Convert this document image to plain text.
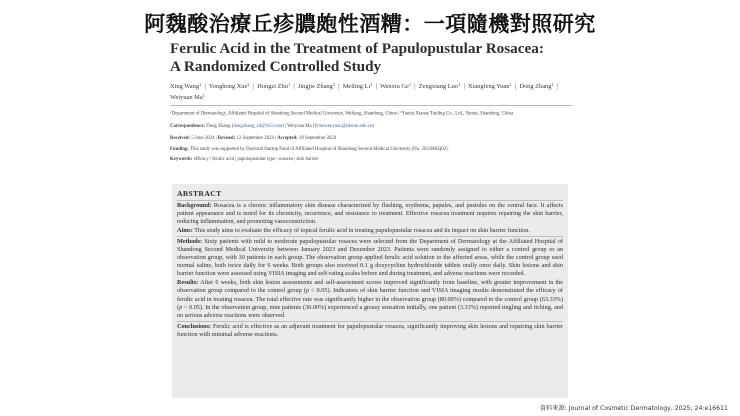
阿魏酸治療丘疹膿皰性酒糟：一項隨機對照研究
Ferulic Acid in the Treatment of Papulopustular Rosacea:
A Randomized Controlled Study
Xing Wang$^1$  |  Yonghong Xue$^2$  |  Hongzi Zhu$^1$  |  Jingjie Zhang$^1$  |  Meiling Li$^1$  |  Wenxiu Ge$^1$  |  Zengxiang Luo$^1$  |  Xiangfeng Yuan$^1$  |  Dong Zhang$^1$  |  Weiyuan Ma$^1$
$^1$Department of Dermatology, Affiliated Hospital of Shandong Second Medical University, Weifang, Shandong, China | $^2$Yantai Xianse Trading Co., Ltd., Yantai, Shandong, China
Correspondence: Dong Zhang (dongzhang_zd@163.com) | Weiyuan Ma (fymawenyuan@sdsmu.edu.cn)
Received: 5 June 2024 | Revised: 12 September 2024 | Accepted: 18 September 2024
Funding: This study was supported by Doctoral Startup Fund of Affiliated Hospital of Shandong Second Medical University (No. 2021BKQ02).
Keywords: efficacy | ferulic acid | papulopustular type | rosacea | skin barrier
ABSTRACT
Background: Rosacea is a chronic inflammatory skin disease characterized by flushing, erythema, papules, and pustules on the central face. It affects patient appearance and is noted for its chronicity, recurrence, and resistance to treatment. Effective rosacea treatment requires repairing the skin barrier, reducing inflammation, and promoting vasoconstriction.
Aims: This study aims to evaluate the efficacy of topical ferulic acid in treating papulopustular rosacea and its impact on skin barrier function.
Methods: Sixty patients with mild to moderate papulopustular rosacea were selected from the Department of Dermatology at the Affiliated Hospital of Shandong Second Medical University between January 2023 and December 2023. Patients were randomly assigned to either a control group or an observation group, with 30 patients in each group. The observation group applied ferulic acid solution to the affected areas, while the control group used normal saline, both twice daily for 6 weeks. Both groups also received 0.1 g doxycycline hydrochloride tablets orally once daily. Skin lesions and skin barrier function were assessed using VISIA imaging and self-rating scales before and during treatment, and adverse reactions were recorded.
Results: After 6 weeks, both skin lesion assessments and self-assessment scores improved significantly from baseline, with greater improvement in the observation group compared to the control group (p < 0.05). Indicators of skin barrier function and VISIA imaging results demonstrated the efficacy of ferulic acid in treating rosacea. The total effective rate was significantly higher in the observation group (80.00%) compared to the control group (63.33%) (p < 0.05). In the observation group, nine patients (30.00%) experienced a greasy sensation initially, one patient (3.33%) reported tingling and itching, and no serious adverse reactions were observed.
Conclusions: Ferulic acid is effective as an adjuvant treatment for papulopustular rosacea, significantly improving skin lesions and repairing skin barrier function with minimal adverse reactions.
資料來源: Journal of Cosmetic Dermatology, 2025; 24:e16611
